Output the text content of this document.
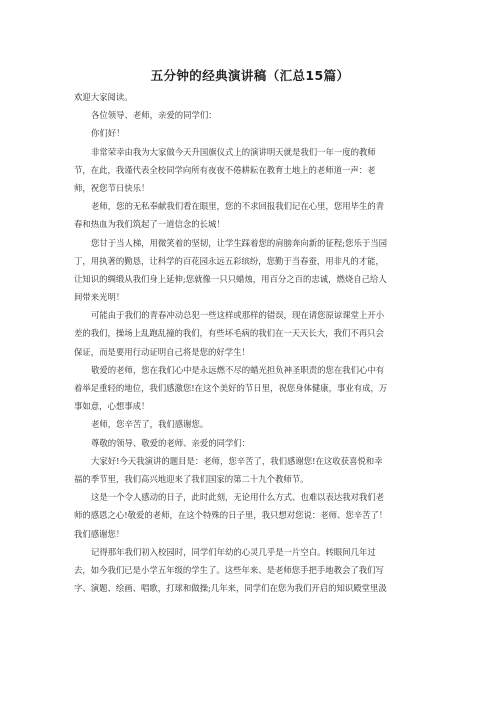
五分钟的经典演讲稿（汇总15篇）
欢迎大家阅读。
各位领导、老师，亲爱的同学们：
你们好！
非常荣幸由我为大家做今天升国旗仪式上的演讲明天就是我们一年一度的教师
节，在此，我谨代表全校同学向所有夜夜不倦耕耘在教育土地上的老师道一声：老
师，祝您节日快乐！
老师，您的无私奉献我们看在眼里，您的不求回报我们记在心里，您用毕生的青
春和热血为我们筑起了一道信念的长城！
您甘于当人梯，用微笑着的坚韧，让学生踩着您的肩膀奔向新的征程;您乐于当园
丁，用执著的勤恳，让科学的百花园永远五彩缤纷，您勤于当春蚕，用非凡的才能，
让知识的绸缎从我们身上延伸;您就像一只只蜡烛，用百分之百的忠诚，燃烧自己给人
间带来光明！
可能由于我们的青春冲动总犯一些这样或那样的错误，现在请您原谅课堂上开小
差的我们，操场上乱跑乱撞的我们，有些坏毛病的我们在一天天长大，我们不再只会
保证，而是要用行动证明自己将是您的好学生！
敬爱的老师，您在我们心中是永远燃不尽的蜡光担负神圣职责的您在我们心中有
着举足重轻的地位，我们感激您!在这个美好的节日里，祝您身体健康，事业有成，万
事如意，心想事成！
老师，您辛苦了，我们感谢您。
尊敬的领导、敬爱的老师、亲爱的同学们：
大家好!今天我演讲的题目是：老师，您辛苦了，我们感谢您!在这收获喜悦和幸
福的季节里，我们高兴地迎来了我们国家的第二十九个教师节。
这是一个令人感动的日子，此时此刻，无论用什么方式、也难以表达我对我们老
师的感恩之心!敬爱的老师，在这个特殊的日子里，我只想对您说：老师、您辛苦了！
我们感谢您！
记得那年我们初入校园时，同学们年幼的心灵几乎是一片空白。转眼间几年过
去，如今我们已是小学五年级的学生了。这些年来、是老师您手把手地教会了我们写
字、演题、绘画、唱歌，打球和做操;几年来，同学们在您为我们开启的知识殿堂里汲
